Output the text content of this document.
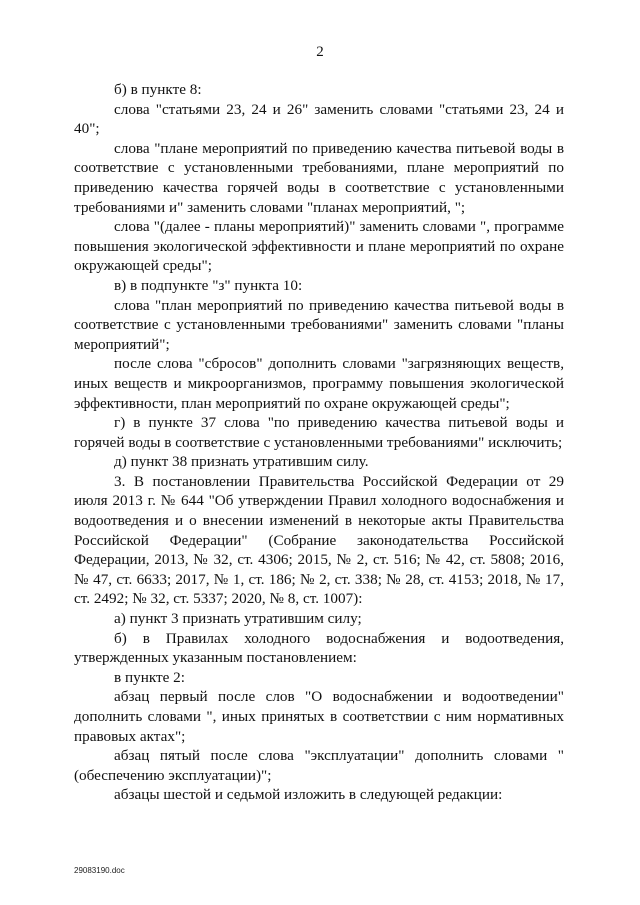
2

б) в пункте 8:

слова "статьями 23, 24 и 26" заменить словами "статьями 23, 24 и 40";

слова "плане мероприятий по приведению качества питьевой воды в соответствие с установленными требованиями, плане мероприятий по приведению качества горячей воды в соответствие с установленными требованиями и" заменить словами "планах мероприятий, ";

слова "(далее - планы мероприятий)" заменить словами ", программе повышения экологической эффективности и плане мероприятий по охране окружающей среды";

в) в подпункте "з" пункта 10:

слова "план мероприятий по приведению качества питьевой воды в соответствие с установленными требованиями" заменить словами "планы мероприятий";

после слова "сбросов" дополнить словами "загрязняющих веществ, иных веществ и микроорганизмов, программу повышения экологической эффективности, план мероприятий по охране окружающей среды";

г) в пункте 37 слова "по приведению качества питьевой воды и горячей воды в соответствие с установленными требованиями" исключить;

д) пункт 38 признать утратившим силу.

3. В постановлении Правительства Российской Федерации от 29 июля 2013 г. № 644 "Об утверждении Правил холодного водоснабжения и водоотведения и о внесении изменений в некоторые акты Правительства Российской Федерации" (Собрание законодательства Российской Федерации, 2013, № 32, ст. 4306; 2015, № 2, ст. 516; № 42, ст. 5808; 2016, № 47, ст. 6633; 2017, № 1, ст. 186; № 2, ст. 338; № 28, ст. 4153; 2018, № 17, ст. 2492; № 32, ст. 5337; 2020, № 8, ст. 1007):

а) пункт 3 признать утратившим силу;

б) в Правилах холодного водоснабжения и водоотведения, утвержденных указанным постановлением:

в пункте 2:

абзац первый после слов "О водоснабжении и водоотведении" дополнить словами ", иных принятых в соответствии с ним нормативных правовых актах";

абзац пятый после слова "эксплуатации" дополнить словами "(обеспечению эксплуатации)";

абзацы шестой и седьмой изложить в следующей редакции:

29083190.doc
